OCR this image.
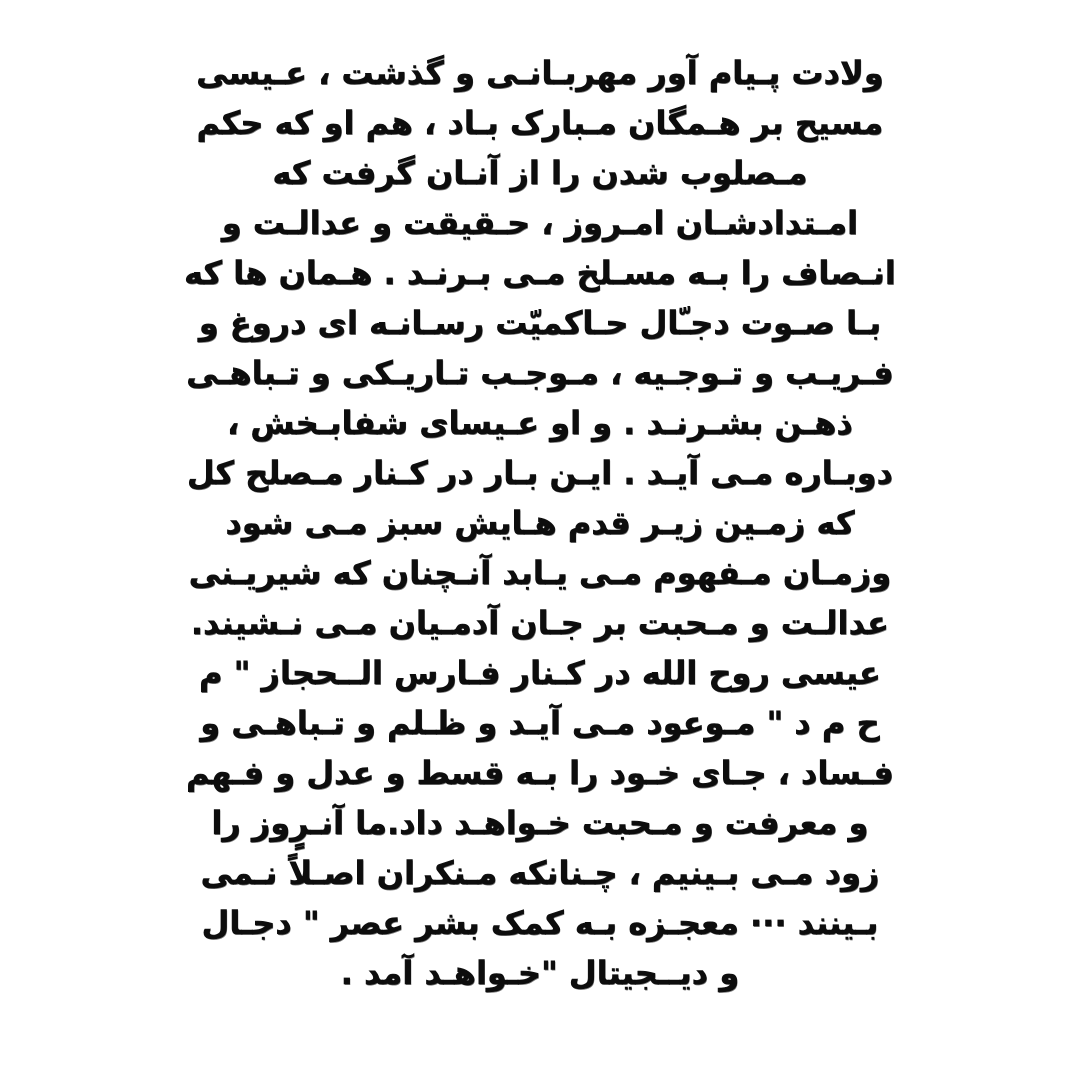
ولادت پـیام آور مهربـانـی و گذشت ، عـیسی
مسیح بر هـمگان مـبارک بـاد ، هم او که حکم
مـصلوب شدن را از آنـان گرفت که
امـتدادشـان امـروز ، حـقیقت و عدالـت و
انـصاف را بـه مسـلخ مـی بـرنـد . هـمان ها که
بـا صـوت دجـّال حـاکمیّت رسـانـه ای دروغ و
فـریـب و تـوجـیه ، مـوجـب تـاریـکی و تـباهـی
ذهـن بشـرنـد . و او عـیسای شفابـخش ،
دوبـاره مـی آیـد . ایـن بـار در کـنار مـصلح کل
که زمـین زیـر قدم هـایش سبز مـی شود
وزمـان مـفهوم مـی یـابد آنـچنان که شیریـنی
عدالـت و مـحبت بر جـان آدمـیان مـی نـشیند.
عیسی روح الله در کـنار فـارس الــحجاز " م
ح م د " مـوعود مـی آیـد و ظـلم و تـباهـی و
فـساد ، جـای خـود را بـه قسط و عدل و فـهم
و معرفت و مـحبت خـواهـد داد.ما آنـرٍوز را
زود مـی بـینیم ، چـنانکه مـنکران اصـلاً نـمی
بـینند ··· معجـزه بـه کمک بشر عصر " دجـال
و دیــجیتال "خـواهـد آمد .
